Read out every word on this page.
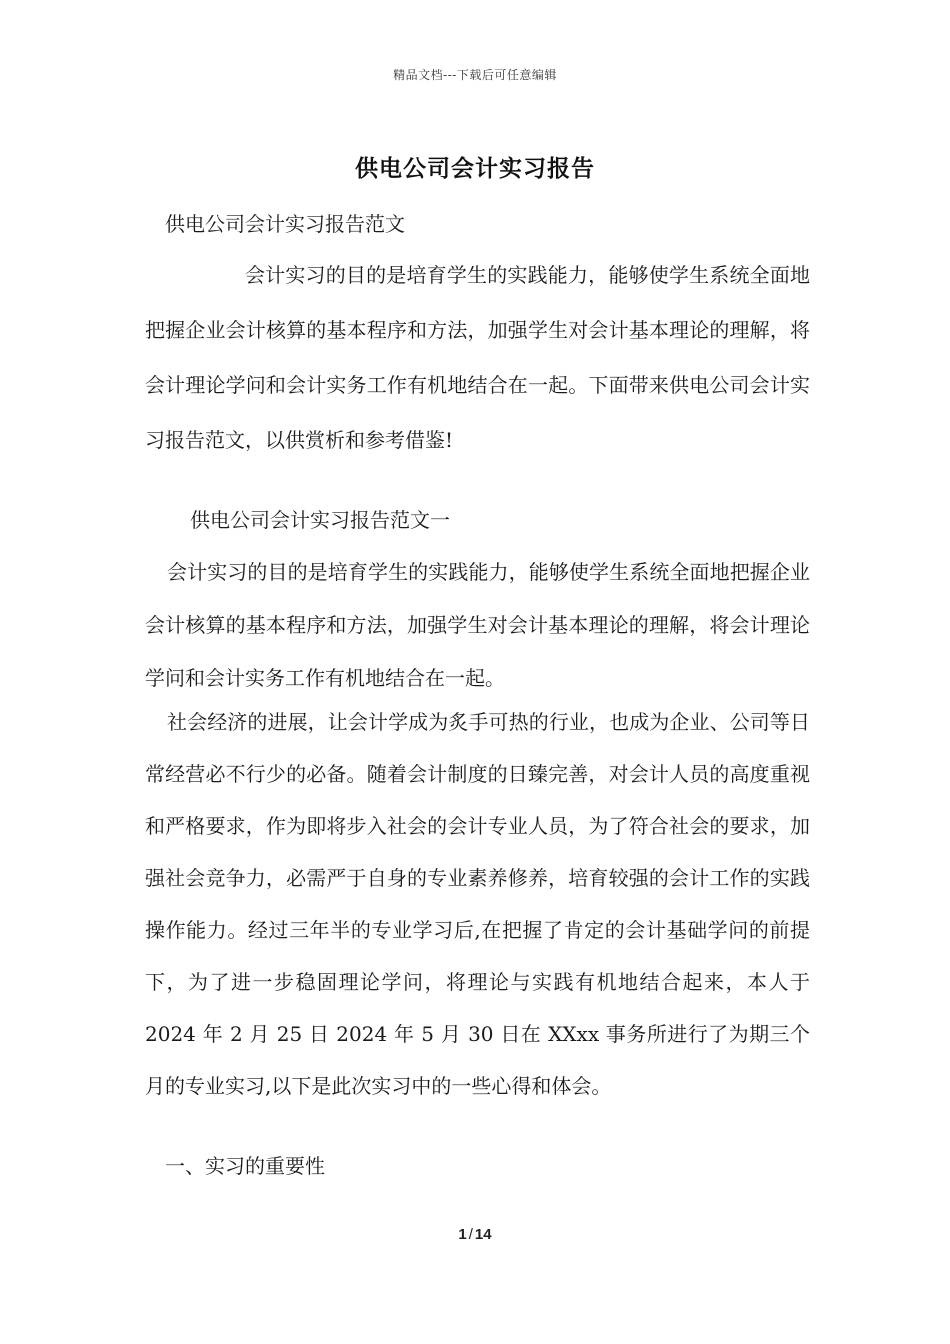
精品文档---下载后可任意编辑
供电公司会计实习报告

供电公司会计实习报告范文

会计实习的目的是培育学生的实践能力，能够使学生系统全面地把握企业会计核算的基本程序和方法，加强学生对会计基本理论的理解，将会计理论学问和会计实务工作有机地结合在一起。下面带来供电公司会计实习报告范文，以供赏析和参考借鉴!

供电公司会计实习报告范文一

会计实习的目的是培育学生的实践能力，能够使学生系统全面地把握企业会计核算的基本程序和方法，加强学生对会计基本理论的理解，将会计理论学问和会计实务工作有机地结合在一起。

社会经济的进展，让会计学成为炙手可热的行业，也成为企业、公司等日常经营必不行少的必备。随着会计制度的日臻完善，对会计人员的高度重视和严格要求，作为即将步入社会的会计专业人员，为了符合社会的要求，加强社会竞争力，必需严于自身的专业素养修养，培育较强的会计工作的实践操作能力。经过三年半的专业学习后,在把握了肯定的会计基础学问的前提下，为了进一步稳固理论学问，将理论与实践有机地结合起来，本人于 2024 年 2 月 25 日 2024 年 5 月 30 日在 XXxx 事务所进行了为期三个月的专业实习,以下是此次实习中的一些心得和体会。

一、实习的重要性

1 / 14
